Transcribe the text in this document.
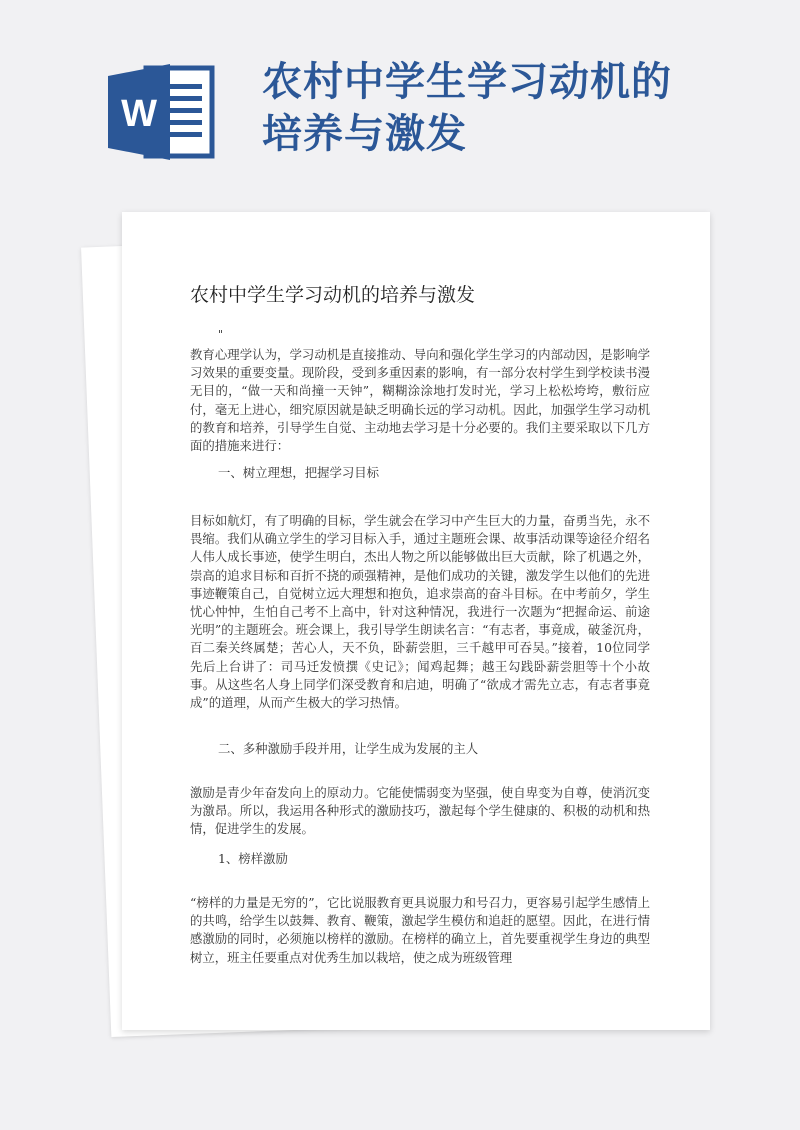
W
农村中学生学习动机的
培养与激发
农村中学生学习动机的培养与激发
"

教育心理学认为，学习动机是直接推动、导向和强化学生学习的内部动因，是影响学习效果的重要变量。现阶段，受到多重因素的影响，有一部分农村学生到学校读书漫无目的，“做一天和尚撞一天钟”，糊糊涂涂地打发时光，学习上松松垮垮，敷衍应付，毫无上进心，细究原因就是缺乏明确长远的学习动机。因此，加强学生学习动机的教育和培养，引导学生自觉、主动地去学习是十分必要的。我们主要采取以下几方面的措施来进行：

一、树立理想，把握学习目标

目标如航灯，有了明确的目标，学生就会在学习中产生巨大的力量，奋勇当先，永不畏缩。我们从确立学生的学习目标入手，通过主题班会课、故事活动课等途径介绍名人伟人成长事迹，使学生明白，杰出人物之所以能够做出巨大贡献，除了机遇之外，崇高的追求目标和百折不挠的顽强精神，是他们成功的关键，激发学生以他们的先进事迹鞭策自己，自觉树立远大理想和抱负，追求崇高的奋斗目标。在中考前夕，学生忧心忡忡，生怕自己考不上高中，针对这种情况，我进行一次题为“把握命运、前途光明”的主题班会。班会课上，我引导学生朗读名言：“有志者，事竟成，破釜沉舟，百二秦关终属楚；苦心人，天不负，卧薪尝胆，三千越甲可吞吴。”接着，10位同学先后上台讲了：司马迁发愤撰《史记》；闻鸡起舞；越王勾践卧薪尝胆等十个小故事。从这些名人身上同学们深受教育和启迪，明确了“欲成才需先立志，有志者事竟成”的道理，从而产生极大的学习热情。

二、多种激励手段并用，让学生成为发展的主人

激励是青少年奋发向上的原动力。它能使懦弱变为坚强，使自卑变为自尊，使消沉变为激昂。所以，我运用各种形式的激励技巧，激起每个学生健康的、积极的动机和热情，促进学生的发展。

1、榜样激励

“榜样的力量是无穷的”，它比说服教育更具说服力和号召力，更容易引起学生感情上的共鸣，给学生以鼓舞、教育、鞭策，激起学生模仿和追赶的愿望。因此，在进行情感激励的同时，必须施以榜样的激励。在榜样的确立上，首先要重视学生身边的典型树立，班主任要重点对优秀生加以栽培，使之成为班级管理
